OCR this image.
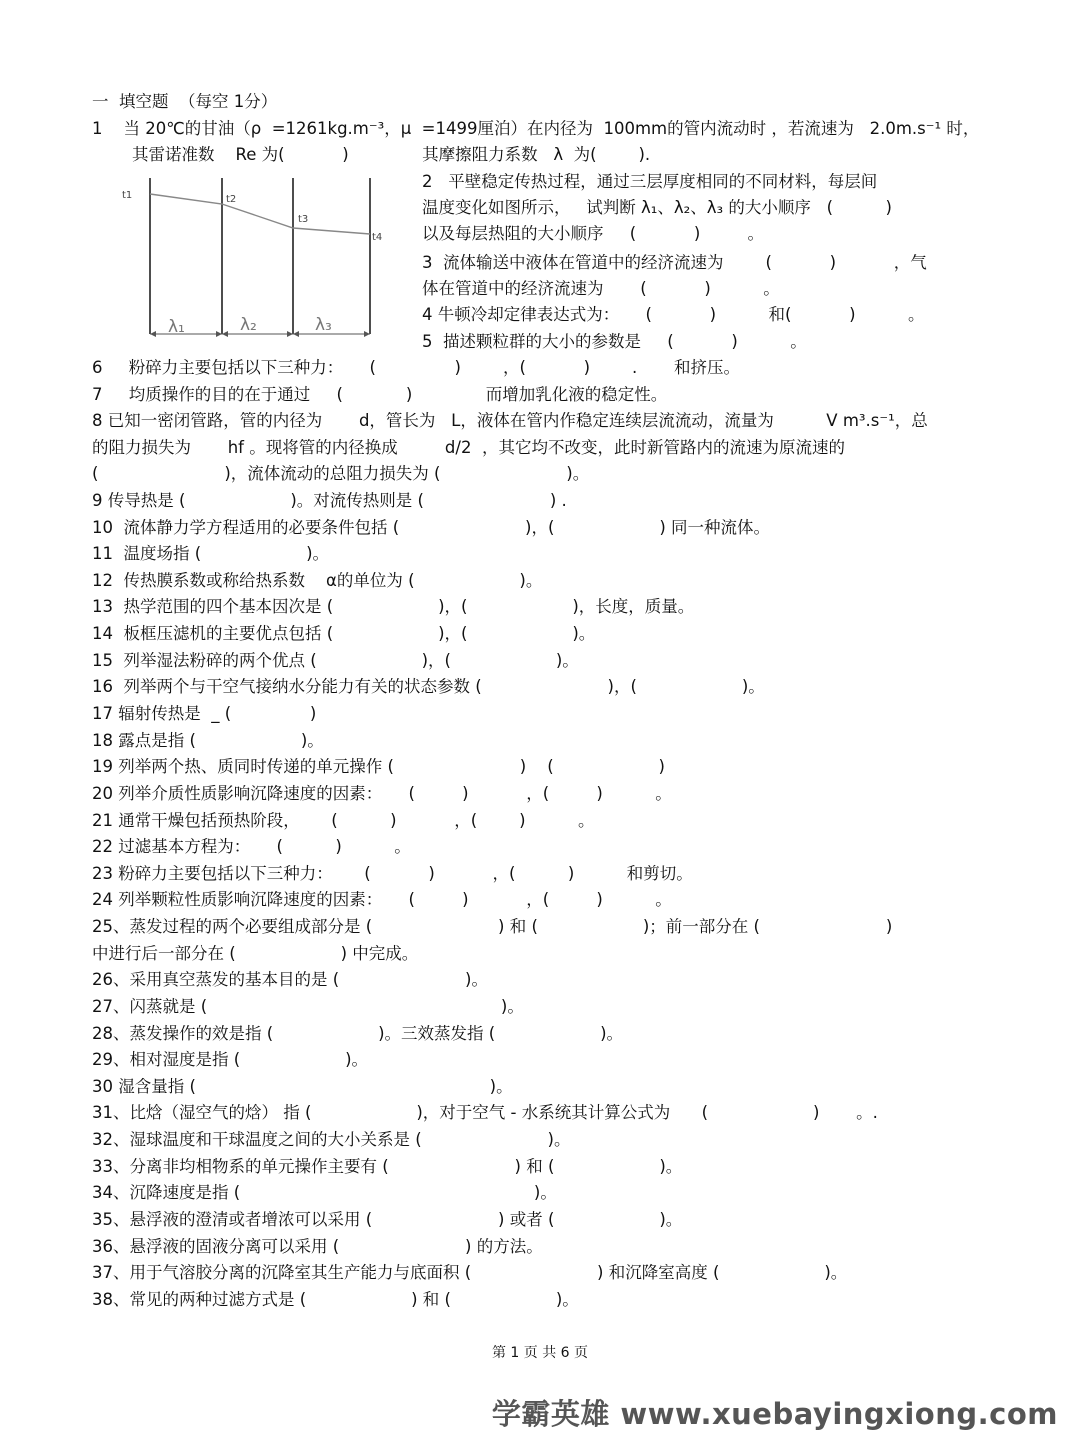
一  填空题  （每空 1分）
1    当 20℃的甘油（ρ  =1261kg.m⁻³，μ  =1499厘泊）在内径为  100mm的管内流动时 ，若流速为   2.0m.s⁻¹ 时，
其雷诺准数    Re 为(           )              其摩擦阻力系数   λ  为(        ).
t1	t2
t3
t4
λ₁	λ₂	λ₃
2   平壁稳定传热过程，通过三层厚度相同的不同材料，每层间
温度变化如图所示，   试判断 λ₁、λ₂、λ₃ 的大小顺序   (          )
以及每层热阻的大小顺序     (           )         。
3  流体输送中液体在管道中的经济流速为        (           )           ，气
体在管道中的经济流速为       (           )          。
4 牛顿冷却定律表达式为：     (           )          和(           )          。
5  描述颗粒群的大小的参数是     (           )          。
6     粉碎力主要包括以下三种力：     (               )        ，(           )        .       和挤压。
7     均质操作的目的在于通过     (            )              而增加乳化液的稳定性。
8 已知一密闭管路，管的内径为       d，管长为   L，液体在管内作稳定连续层流流动，流量为          V m³.s⁻¹，总
的阻力损失为       hf 。现将管的内径换成         d/2  ，其它均不改变，此时新管路内的流速为原流速的
(                        )，流体流动的总阻力损失为 (                        )。
9 传导热是 (                    )。对流传热则是 (                        ) .
10  流体静力学方程适用的必要条件包括 (                        )，(                    ) 同一种流体。
11  温度场指 (                    )。
12  传热膜系数或称给热系数    α的单位为 (                    )。
13  热学范围的四个基本因次是 (                    )，(                    )，长度，质量。
14  板框压滤机的主要优点包括 (                    )，(                    )。
15  列举湿法粉碎的两个优点 (                    )，(                    )。
16  列举两个与干空气接纳水分能力有关的状态参数 (                        )，(                    )。
17 辐射传热是  _ (               )
18 露点是指 (                    )。
19 列举两个热、质同时传递的单元操作 (                        )    (                    )
20 列举介质性质影响沉降速度的因素：     (         )           ，(         )          。
21 通常干燥包括预热阶段，      (          )           ，(        )          。
22 过滤基本方程为：     (          )          。
23 粉碎力主要包括以下三种力：      (           )           ，(          )          和剪切。
24 列举颗粒性质影响沉降速度的因素：     (         )           ，(         )          。
25、蒸发过程的两个必要组成部分是 (                        ) 和 (                    )；前一部分在 (                        )
中进行后一部分在 (                    ) 中完成。
26、采用真空蒸发的基本目的是 (                        )。
27、闪蒸就是 (                                                        )。
28、蒸发操作的效是指 (                    )。三效蒸发指 (                    )。
29、相对湿度是指 (                    )。
30 湿含量指 (                                                        )。
31、比焓（湿空气的焓） 指 (                    )，对于空气 - 水系统其计算公式为      (                    )       。.
32、湿球温度和干球温度之间的大小关系是 (                        )。
33、分离非均相物系的单元操作主要有 (                        ) 和 (                    )。
34、沉降速度是指 (                                                        )。
35、悬浮液的澄清或者增浓可以采用 (                        ) 或者 (                    )。
36、悬浮液的固液分离可以采用 (                        ) 的方法。
37、用于气溶胶分离的沉降室其生产能力与底面积 (                        ) 和沉降室高度 (                    )。
38、常见的两种过滤方式是 (                    ) 和 (                    )。
第 1 页 共 6 页
学霸英雄 www.xuebayingxiong.com
